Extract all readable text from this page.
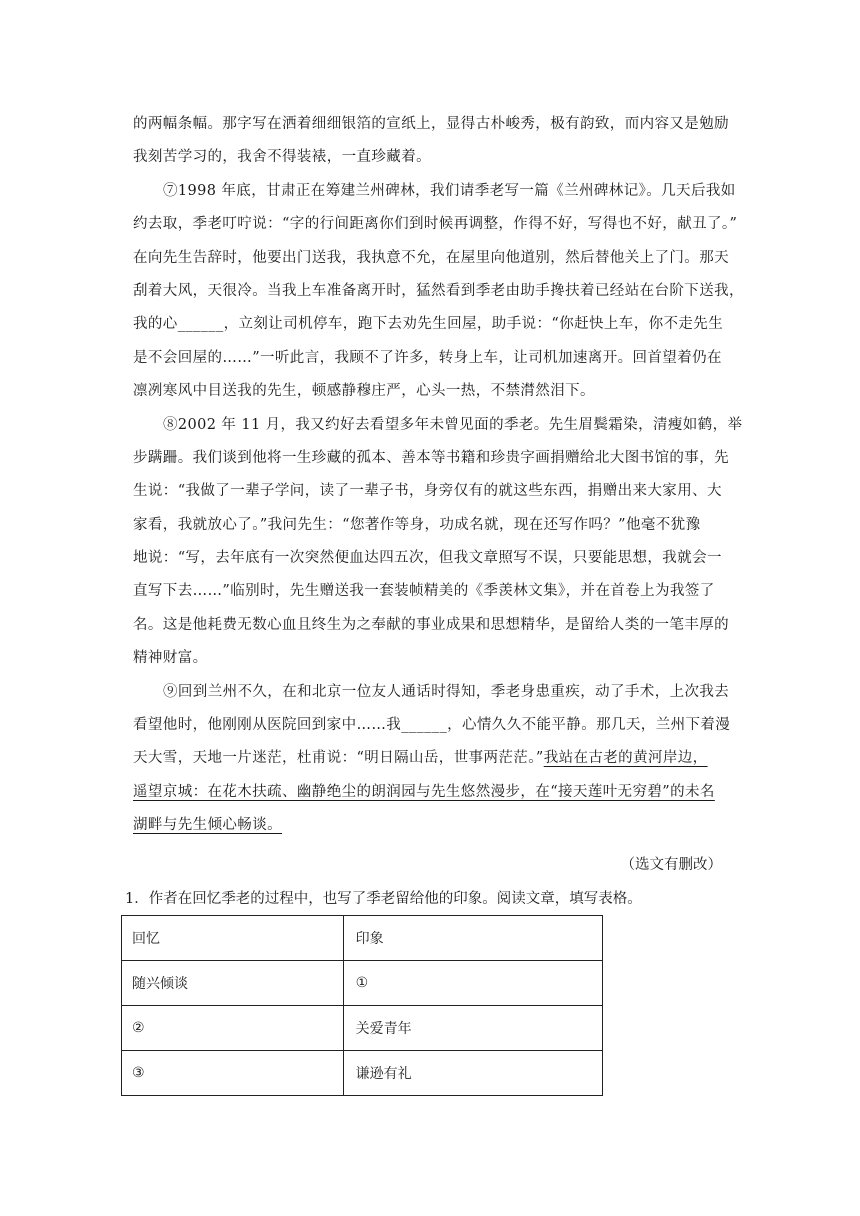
的两幅条幅。那字写在洒着细细银箔的宣纸上，显得古朴峻秀，极有韵致，而内容又是勉励
我刻苦学习的，我舍不得装裱，一直珍藏着。
⑦1998 年底，甘肃正在筹建兰州碑林，我们请季老写一篇《兰州碑林记》。几天后我如
约去取，季老叮咛说：“字的行间距离你们到时候再调整，作得不好，写得也不好，献丑了。”
在向先生告辞时，他要出门送我，我执意不允，在屋里向他道别，然后替他关上了门。那天
刮着大风，天很冷。当我上车准备离开时，猛然看到季老由助手搀扶着已经站在台阶下送我，
我的心______，立刻让司机停车，跑下去劝先生回屋，助手说：“你赶快上车，你不走先生
是不会回屋的……”一听此言，我顾不了许多，转身上车，让司机加速离开。回首望着仍在
凛冽寒风中目送我的先生，顿感静穆庄严，心头一热，不禁潸然泪下。
⑧2002 年 11 月，我又约好去看望多年未曾见面的季老。先生眉鬓霜染，清瘦如鹤，举
步蹒跚。我们谈到他将一生珍藏的孤本、善本等书籍和珍贵字画捐赠给北大图书馆的事，先
生说：“我做了一辈子学问，读了一辈子书，身旁仅有的就这些东西，捐赠出来大家用、大
家看，我就放心了。”我问先生：“您著作等身，功成名就，现在还写作吗？”他毫不犹豫
地说：“写，去年底有一次突然便血达四五次，但我文章照写不误，只要能思想，我就会一
直写下去……”临别时，先生赠送我一套装帧精美的《季羡林文集》，并在首卷上为我签了
名。这是他耗费无数心血且终生为之奉献的事业成果和思想精华，是留给人类的一笔丰厚的
精神财富。
⑨回到兰州不久，在和北京一位友人通话时得知，季老身患重疾，动了手术，上次我去
看望他时，他刚刚从医院回到家中……我______，心情久久不能平静。那几天，兰州下着漫
天大雪，天地一片迷茫，杜甫说：“明日隔山岳，世事两茫茫。”我站在古老的黄河岸边，
遥望京城：在花木扶疏、幽静绝尘的朗润园与先生悠然漫步，在“接天莲叶无穷碧”的未名
湖畔与先生倾心畅谈。
（选文有删改）
1．作者在回忆季老的过程中，也写了季老留给他的印象。阅读文章，填写表格。
回忆	印象
随兴倾谈	①
②	关爱青年
③	谦逊有礼
